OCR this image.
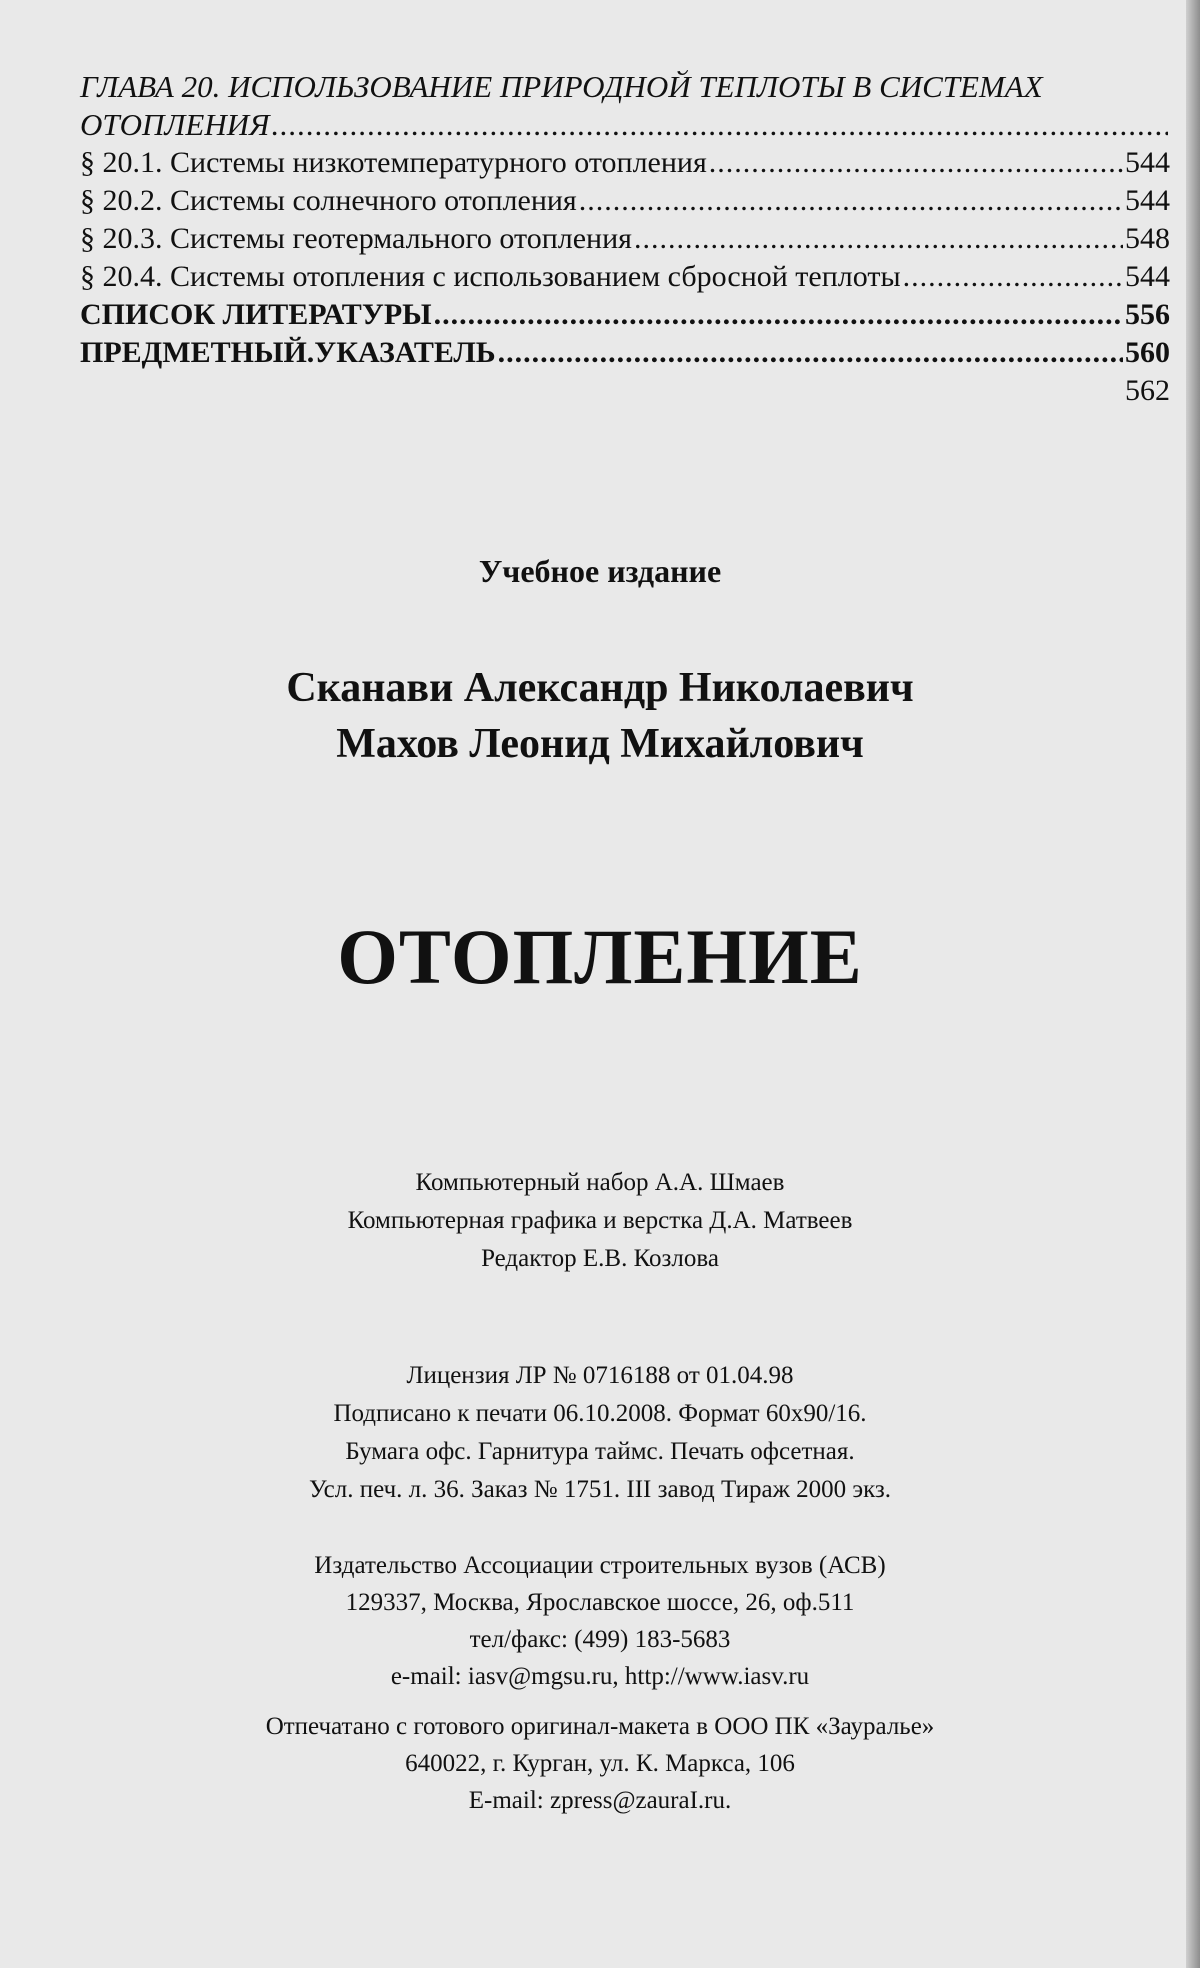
ГЛАВА 20. ИСПОЛЬЗОВАНИЕ ПРИРОДНОЙ ТЕПЛОТЫ В СИСТЕМАХ
ОТОПЛЕНИЯ
.....
§ 20.1. Системы низкотемпературного отопления .....	544
§ 20.2. Системы солнечного отопления .....	544
§ 20.3. Системы геотермального отопления .....	548
§ 20.4. Системы отопления с использованием сбросной теплоты .....	544
СПИСОК ЛИТЕРАТУРЫ .....	556
ПРЕДМЕТНЫЙ.УКАЗАТЕЛЬ .....	560
562
Учебное издание
Сканави Александр Николаевич
Махов Леонид Михайлович
ОТОПЛЕНИЕ
Компьютерный набор А.А. Шмаев
Компьютерная графика и верстка Д.А. Матвеев
Редактор Е.В. Козлова
Лицензия ЛР № 0716188 от 01.04.98
Подписано к печати 06.10.2008. Формат 60х90/16.
Бумага офс. Гарнитура таймс. Печать офсетная.
Усл. печ. л. 36. Заказ № 1751. III завод Тираж 2000 экз.
Издательство Ассоциации строительных вузов (АСВ)
129337, Москва, Ярославское шоссе, 26, оф.511
тел/факс: (499) 183-5683
e-mail: iasv@mgsu.ru, http://www.iasv.ru
Отпечатано с готового оригинал-макета в ООО ПК «Зауралье»
640022, г. Курган, ул. К. Маркса, 106
E-mail: zpress@zauraI.ru.
